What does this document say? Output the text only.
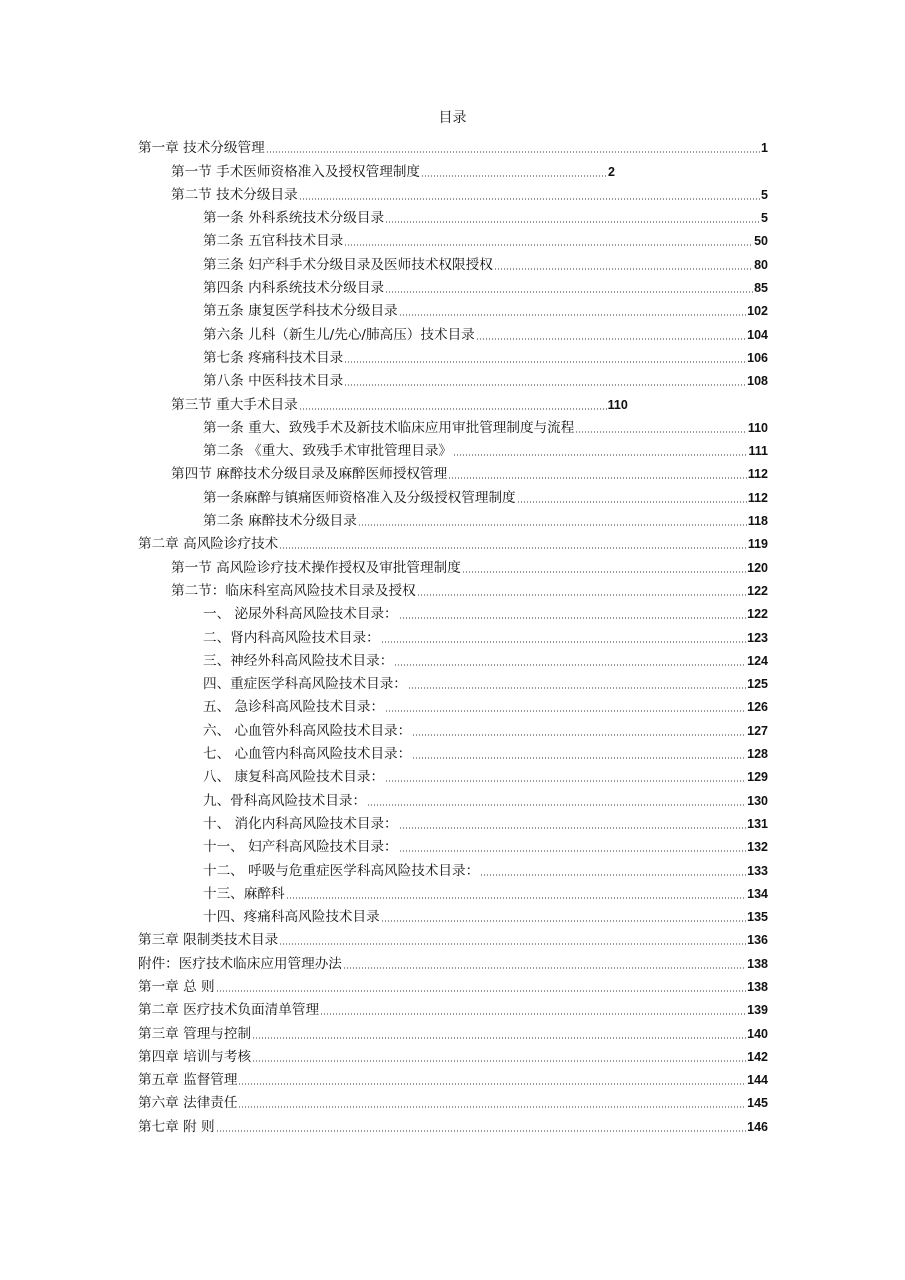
目录
第一章 技术分级管理	1
第一节 手术医师资格准入及授权管理制度	2
第二节 技术分级目录	5
第一条 外科系统技术分级目录	5
第二条 五官科技术目录	50
第三条 妇产科手术分级目录及医师技术权限授权	80
第四条 内科系统技术分级目录	85
第五条 康复医学科技术分级目录	102
第六条 儿科（新生儿/先心/肺高压）技术目录	104
第七条 疼痛科技术目录	106
第八条 中医科技术目录	108
第三节 重大手术目录	110
第一条 重大、致残手术及新技术临床应用审批管理制度与流程	110
第二条 《重大、致残手术审批管理目录》	111
第四节 麻醉技术分级目录及麻醉医师授权管理	112
第一条麻醉与镇痛医师资格准入及分级授权管理制度	112
第二条 麻醉技术分级目录	118
第二章 高风险诊疗技术	119
第一节 高风险诊疗技术操作授权及审批管理制度	120
第二节：临床科室高风险技术目录及授权	122
一、 泌尿外科高风险技术目录：	122
二、肾内科高风险技术目录：	123
三、神经外科高风险技术目录：	124
四、重症医学科高风险技术目录：	125
五、 急诊科高风险技术目录：	126
六、 心血管外科高风险技术目录：	127
七、 心血管内科高风险技术目录：	128
八、 康复科高风险技术目录：	129
九、骨科高风险技术目录：	130
十、 消化内科高风险技术目录：	131
十一、 妇产科高风险技术目录：	132
十二、 呼吸与危重症医学科高风险技术目录：	133
十三、麻醉科	134
十四、疼痛科高风险技术目录	135
第三章 限制类技术目录	136
附件：医疗技术临床应用管理办法	138
第一章 总 则	138
第二章 医疗技术负面清单管理	139
第三章 管理与控制	140
第四章 培训与考核	142
第五章 监督管理	144
第六章 法律责任	145
第七章 附 则	146
